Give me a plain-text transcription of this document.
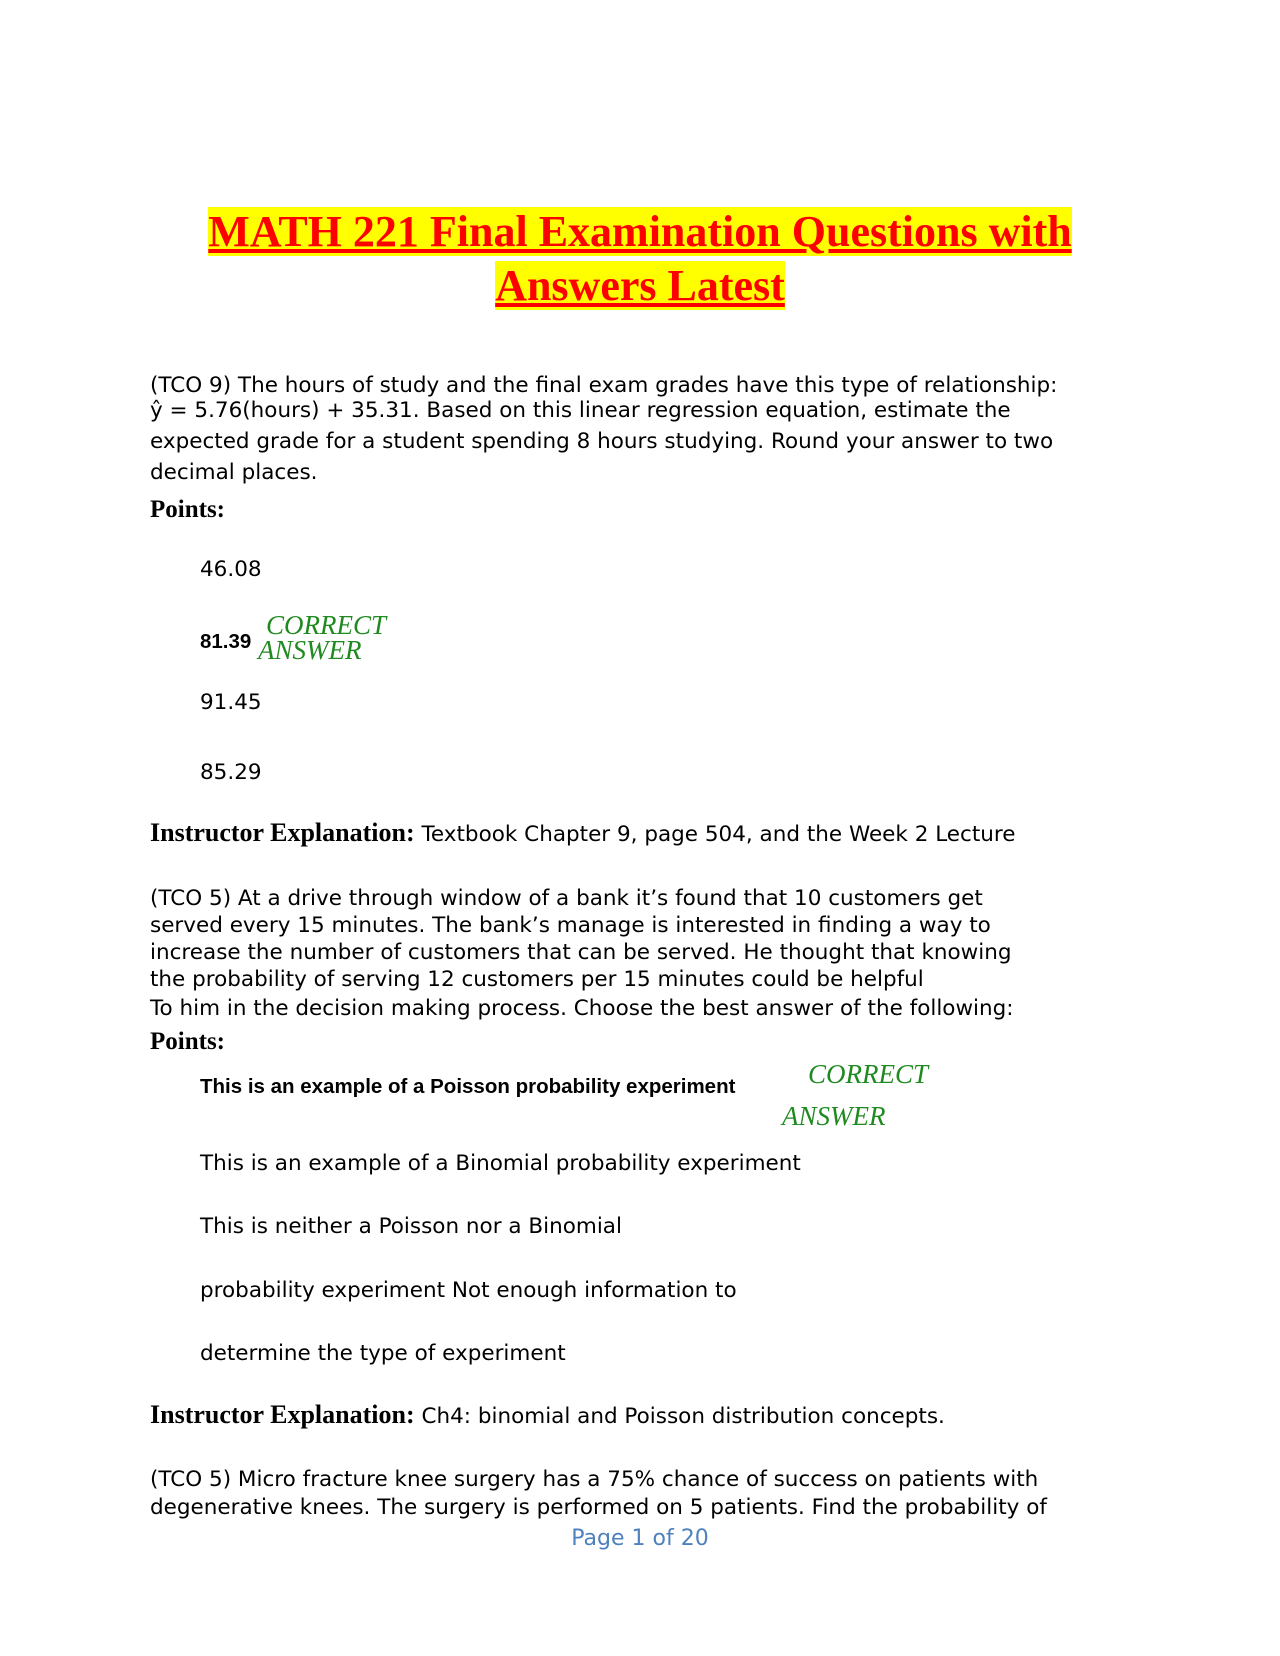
MATH 221 Final Examination Questions with Answers Latest
(TCO 9) The hours of study and the final exam grades have this type of relationship:
ŷ = 5.76(hours) + 35.31. Based on this linear regression equation, estimate the
expected grade for a student spending 8 hours studying. Round your answer to two
decimal places.
Points:
46.08
81.39
CORRECT
ANSWER
91.45
85.29
Instructor Explanation: Textbook Chapter 9, page 504, and the Week 2 Lecture
(TCO 5) At a drive through window of a bank it’s found that 10 customers get
served every 15 minutes. The bank’s manage is interested in finding a way to
increase the number of customers that can be served. He thought that knowing
the probability of serving 12 customers per 15 minutes could be helpful
To him in the decision making process. Choose the best answer of the following:
Points:
This is an example of a Poisson probability experiment	CORRECT
ANSWER
This is an example of a Binomial probability experiment
This is neither a Poisson nor a Binomial
probability experiment Not enough information to
determine the type of experiment
Instructor Explanation: Ch4: binomial and Poisson distribution concepts.
(TCO 5) Micro fracture knee surgery has a 75% chance of success on patients with
degenerative knees. The surgery is performed on 5 patients. Find the probability of
Page 1 of 20
